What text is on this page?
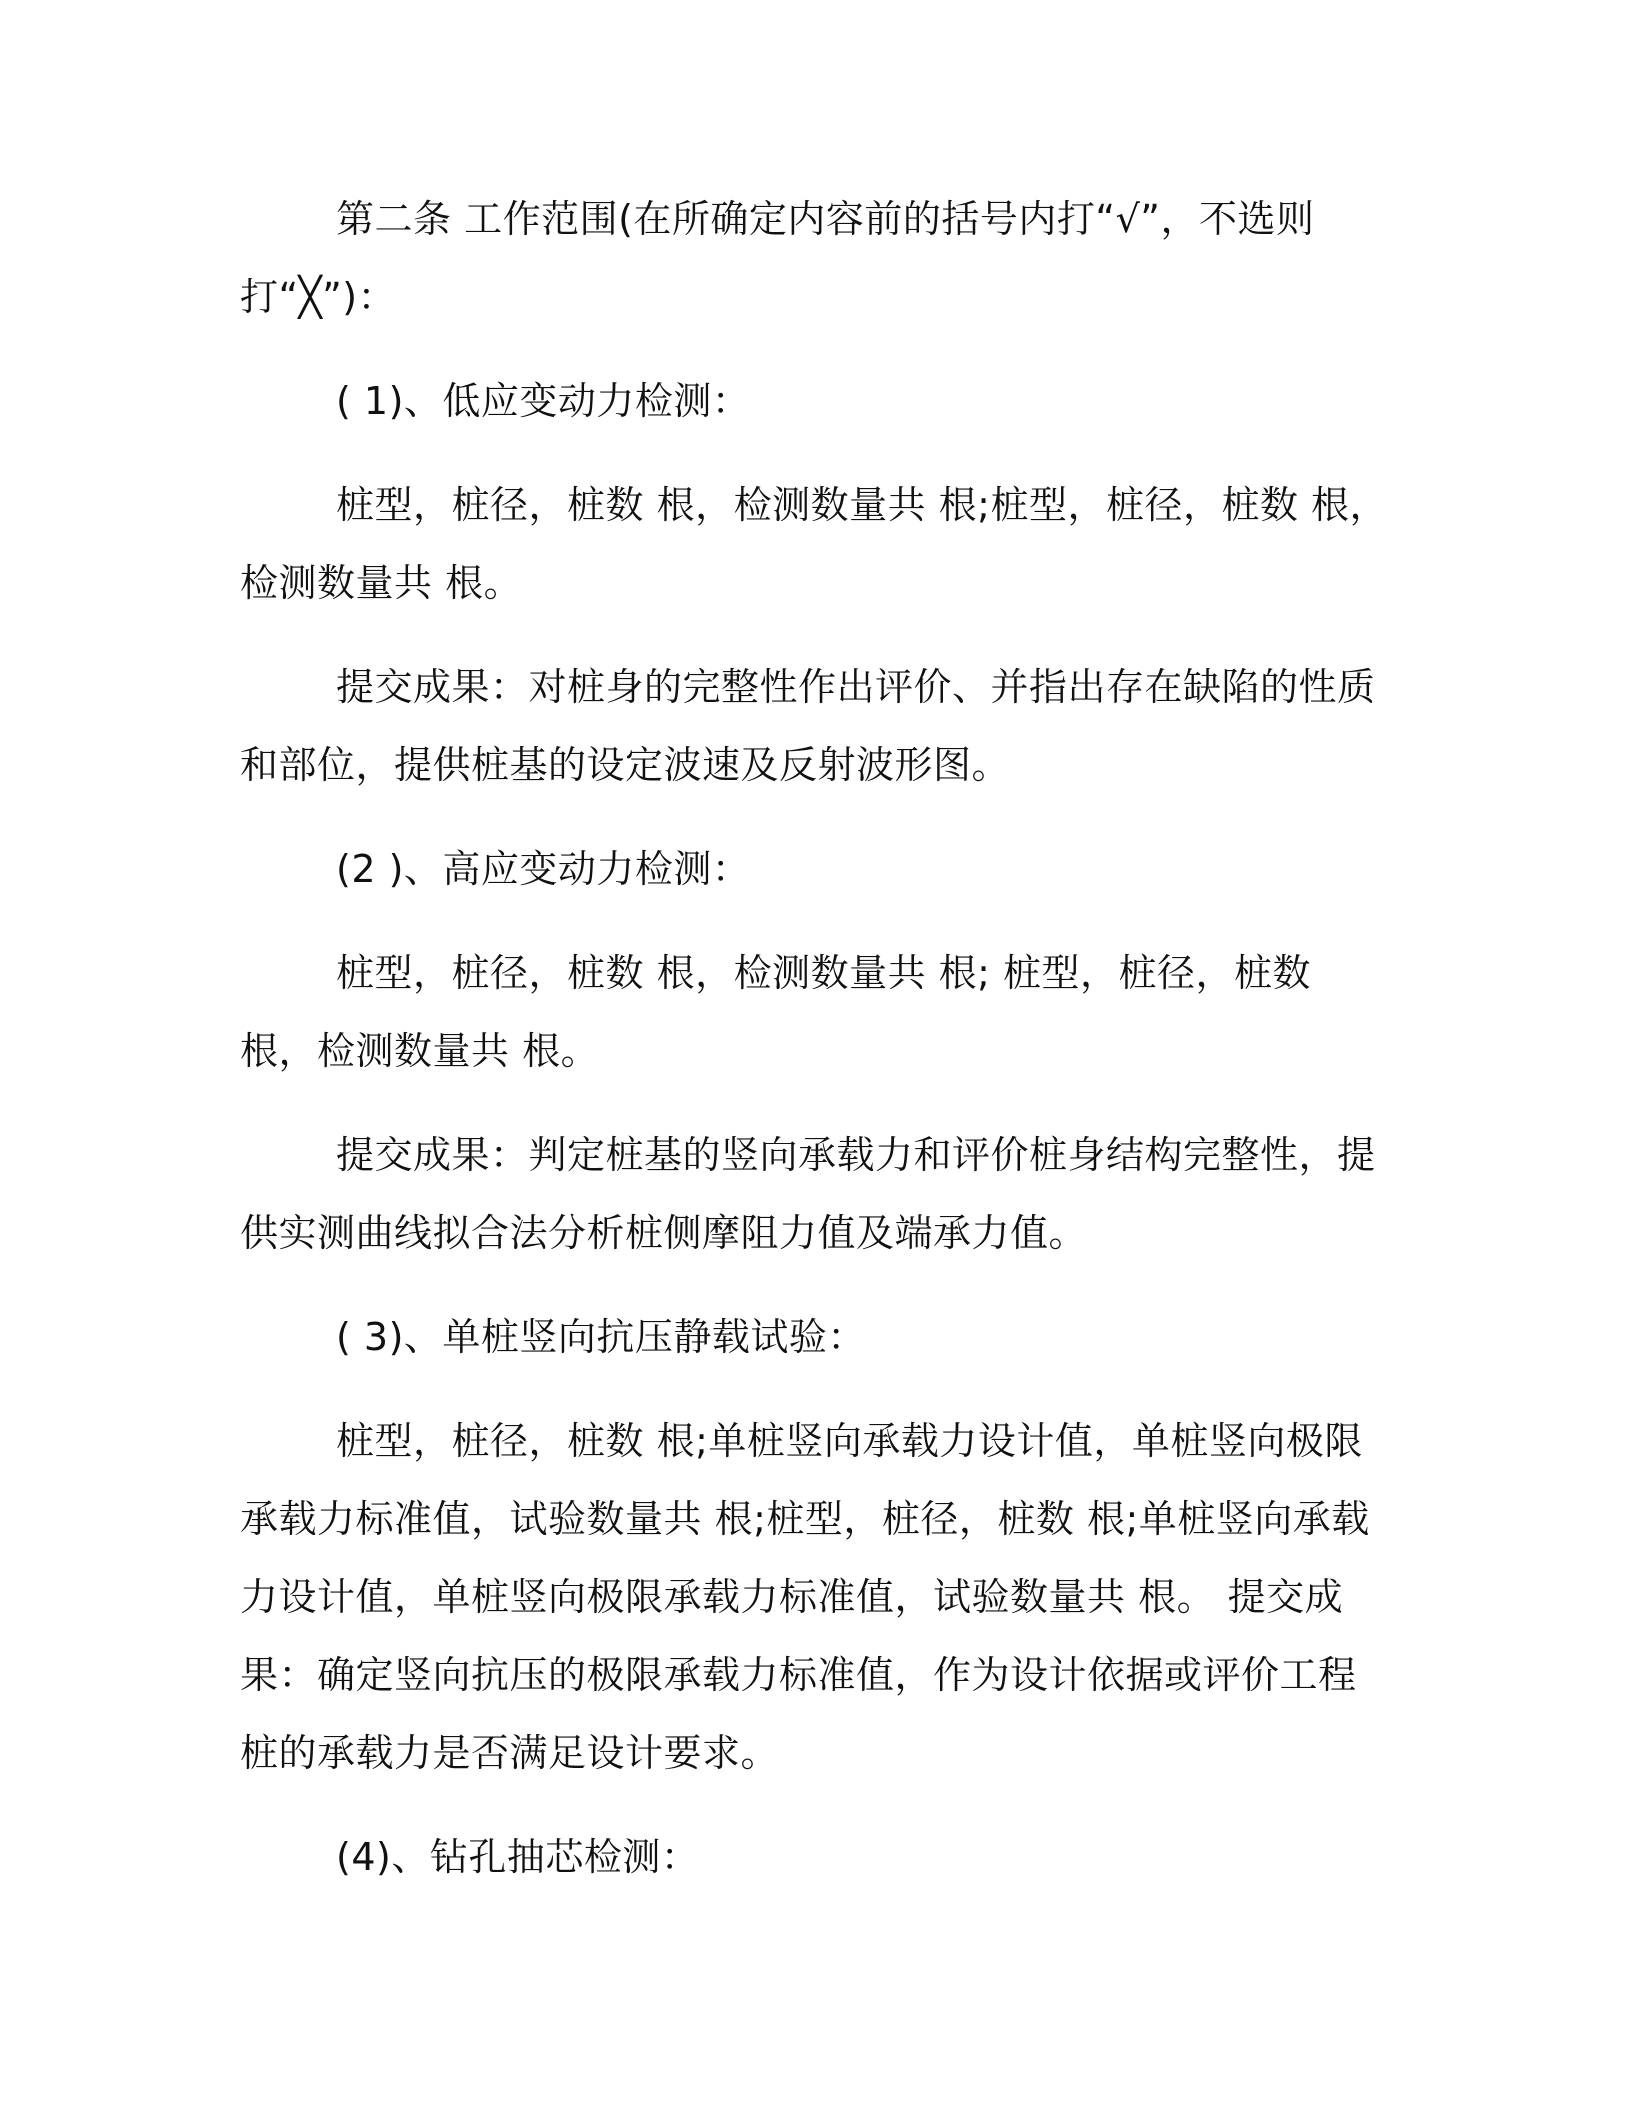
第二条 工作范围(在所确定内容前的括号内打“√”，不选则打“╳”)：

( 1)、低应变动力检测：

桩型，桩径，桩数 根，检测数量共 根;桩型，桩径，桩数 根，检测数量共 根。

提交成果：对桩身的完整性作出评价、并指出存在缺陷的性质和部位，提供桩基的设定波速及反射波形图。

(2 )、高应变动力检测：

桩型，桩径，桩数 根，检测数量共 根; 桩型，桩径，桩数 根，检测数量共 根。

提交成果：判定桩基的竖向承载力和评价桩身结构完整性，提供实测曲线拟合法分析桩侧摩阻力值及端承力值。

( 3)、单桩竖向抗压静载试验：

桩型，桩径，桩数 根;单桩竖向承载力设计值，单桩竖向极限承载力标准值，试验数量共 根;桩型，桩径，桩数 根;单桩竖向承载力设计值，单桩竖向极限承载力标准值，试验数量共 根。 提交成果：确定竖向抗压的极限承载力标准值，作为设计依据或评价工程桩的承载力是否满足设计要求。

(4)、钻孔抽芯检测：
